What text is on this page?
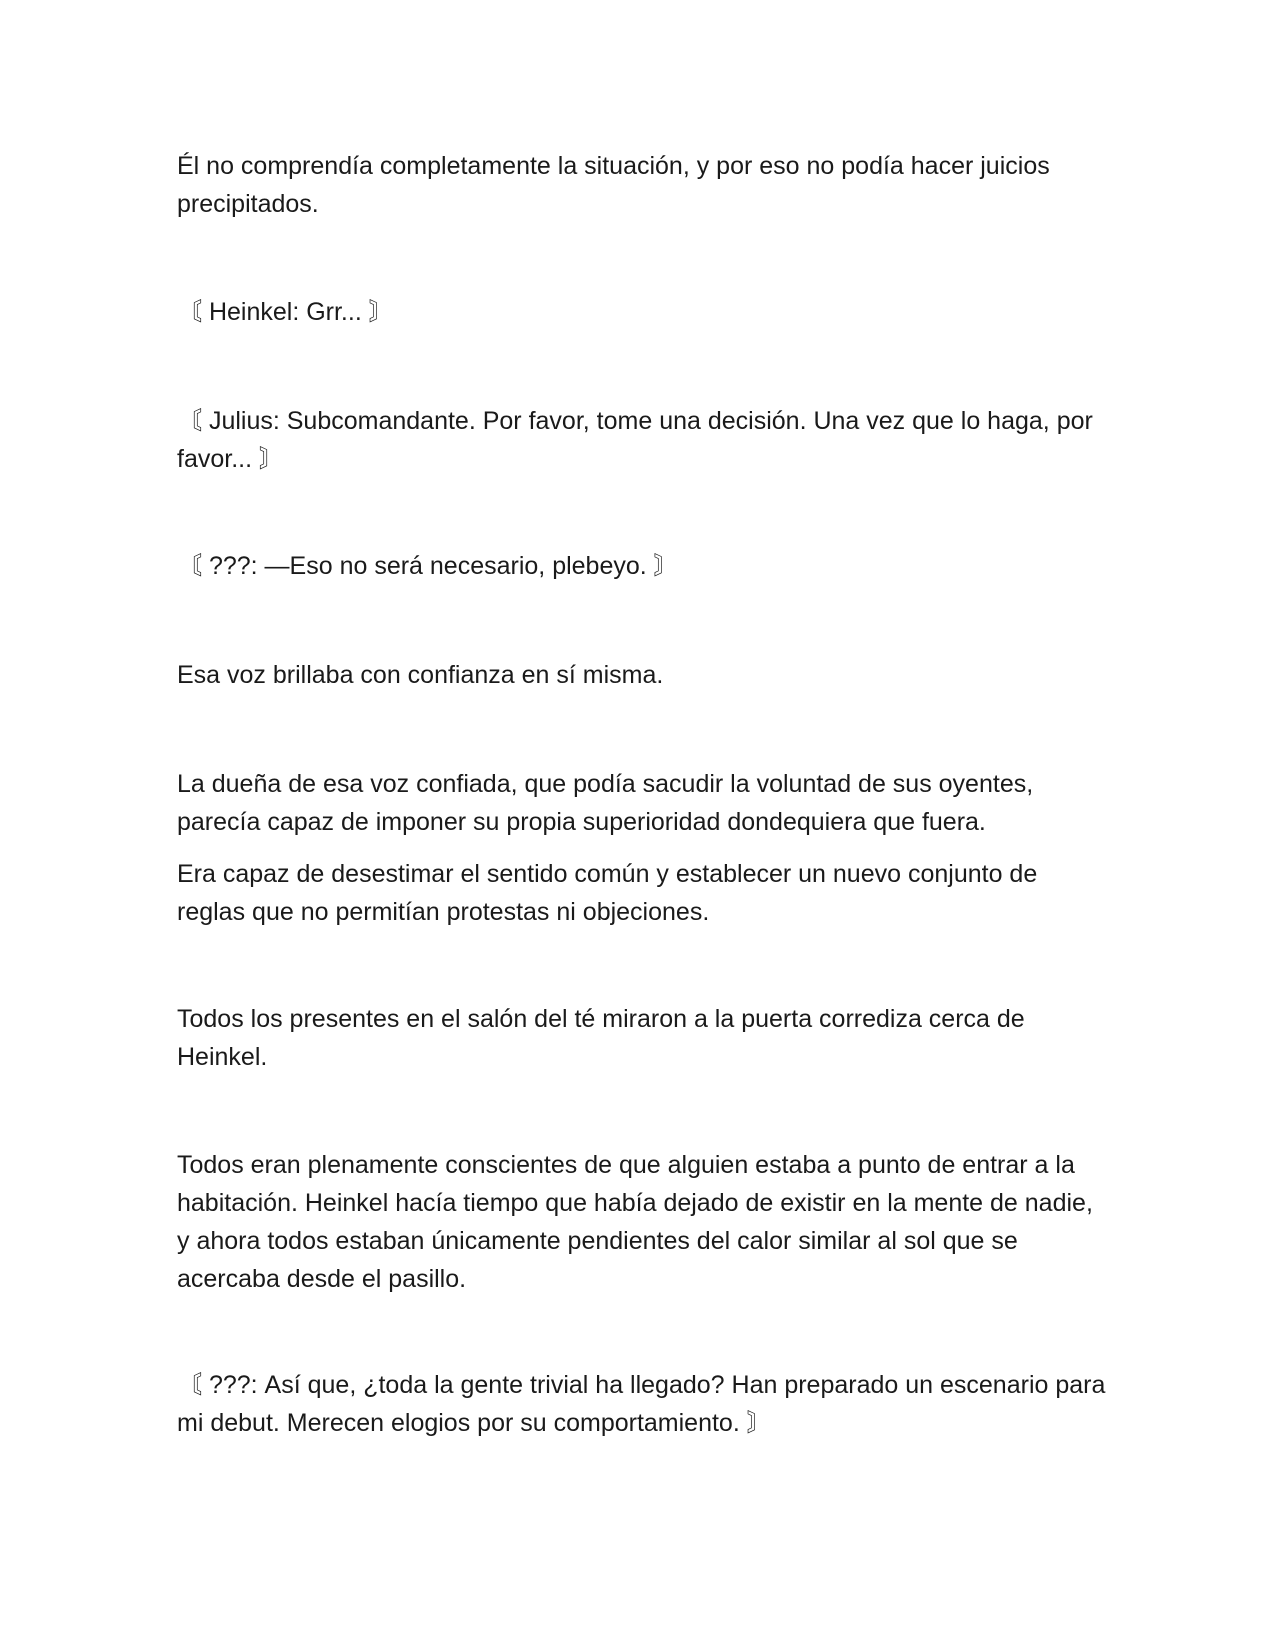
Él no comprendía completamente la situación, y por eso no podía hacer juicios precipitados.

〘 Heinkel: Grr... 〙

〘 Julius: Subcomandante. Por favor, tome una decisión. Una vez que lo haga, por favor... 〙

〘 ???: —Eso no será necesario, plebeyo. 〙

Esa voz brillaba con confianza en sí misma.

La dueña de esa voz confiada, que podía sacudir la voluntad de sus oyentes, parecía capaz de imponer su propia superioridad dondequiera que fuera.

Era capaz de desestimar el sentido común y establecer un nuevo conjunto de reglas que no permitían protestas ni objeciones.

Todos los presentes en el salón del té miraron a la puerta corrediza cerca de Heinkel.

Todos eran plenamente conscientes de que alguien estaba a punto de entrar a la habitación. Heinkel hacía tiempo que había dejado de existir en la mente de nadie, y ahora todos estaban únicamente pendientes del calor similar al sol que se acercaba desde el pasillo.

〘 ???: Así que, ¿toda la gente trivial ha llegado? Han preparado un escenario para mi debut. Merecen elogios por su comportamiento. 〙
